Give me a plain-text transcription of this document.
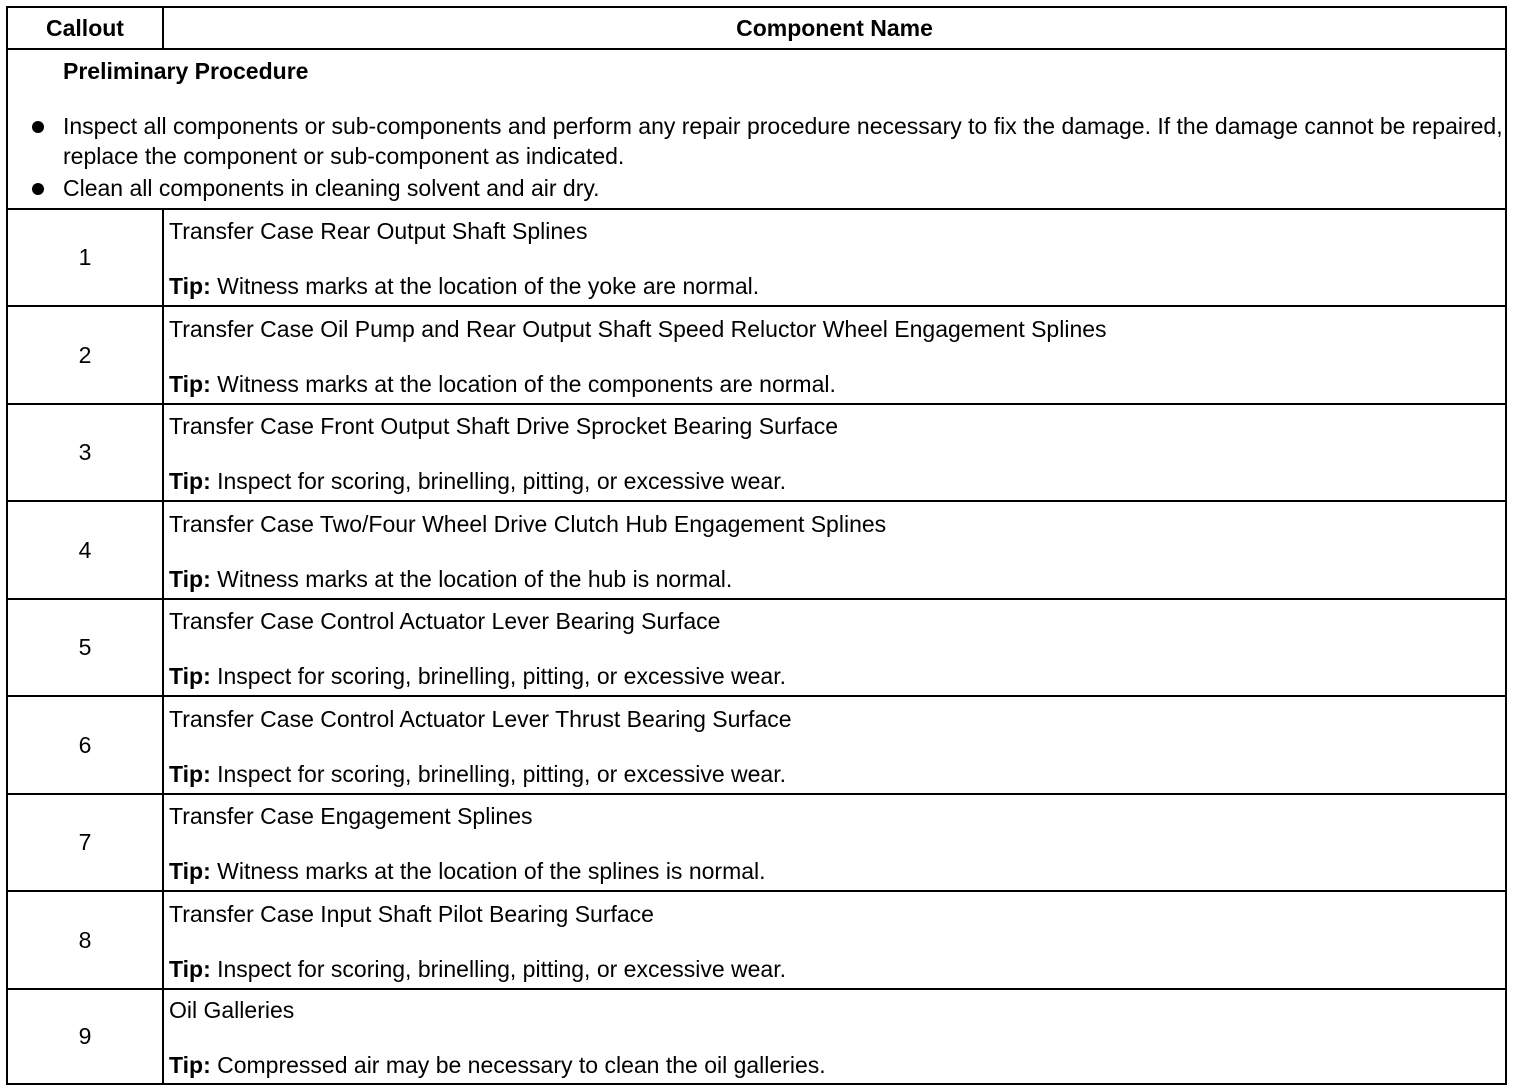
Callout	Component Name
Preliminary Procedure
Inspect all components or sub-components and perform any repair procedure necessary to fix the damage. If the damage cannot be repaired, replace the component or sub-component as indicated.
Clean all components in cleaning solvent and air dry.
1
Transfer Case Rear Output Shaft Splines
Tip: Witness marks at the location of the yoke are normal.
2
Transfer Case Oil Pump and Rear Output Shaft Speed Reluctor Wheel Engagement Splines
Tip: Witness marks at the location of the components are normal.
3
Transfer Case Front Output Shaft Drive Sprocket Bearing Surface
Tip: Inspect for scoring, brinelling, pitting, or excessive wear.
4
Transfer Case Two/Four Wheel Drive Clutch Hub Engagement Splines
Tip: Witness marks at the location of the hub is normal.
5
Transfer Case Control Actuator Lever Bearing Surface
Tip: Inspect for scoring, brinelling, pitting, or excessive wear.
6
Transfer Case Control Actuator Lever Thrust Bearing Surface
Tip: Inspect for scoring, brinelling, pitting, or excessive wear.
7
Transfer Case Engagement Splines
Tip: Witness marks at the location of the splines is normal.
8
Transfer Case Input Shaft Pilot Bearing Surface
Tip: Inspect for scoring, brinelling, pitting, or excessive wear.
9
Oil Galleries
Tip: Compressed air may be necessary to clean the oil galleries.
